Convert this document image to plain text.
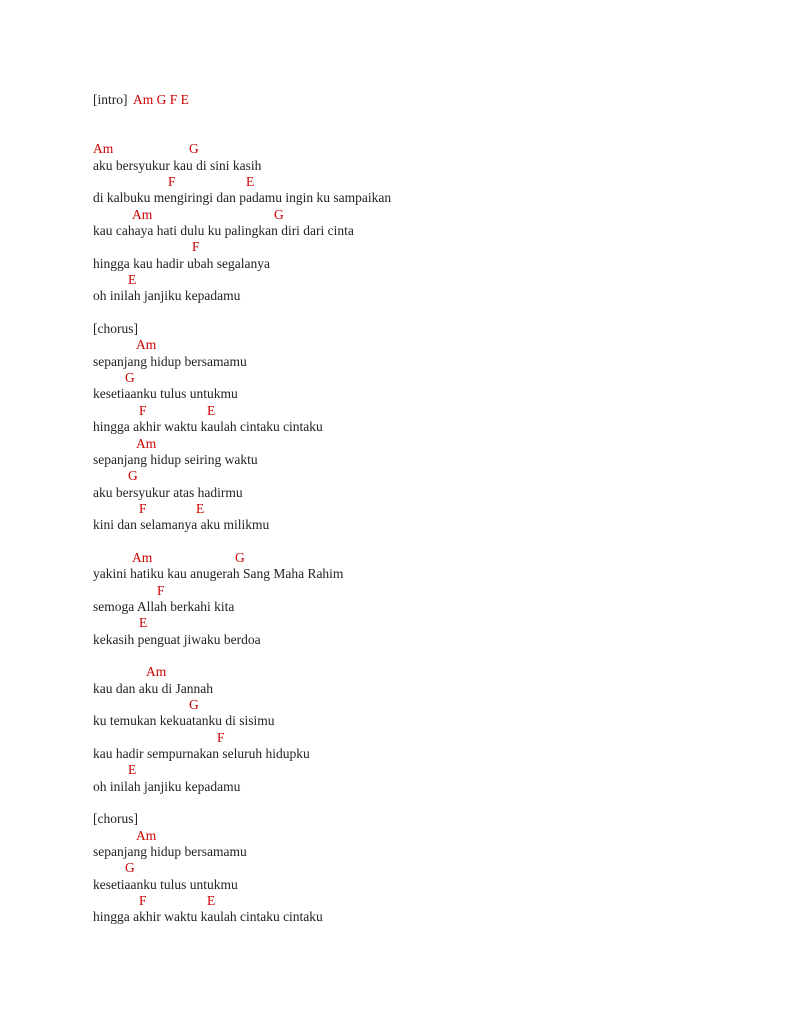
[intro] Am G F E
Am	G
aku bersyukur kau di sini kasih
F	E
di kalbuku mengiringi dan padamu ingin ku sampaikan
Am	G
kau cahaya hati dulu ku palingkan diri dari cinta
F
hingga kau hadir ubah segalanya
E
oh inilah janjiku kepadamu
[chorus]
Am
sepanjang hidup bersamamu
G
kesetiaanku tulus untukmu
F	E
hingga akhir waktu kaulah cintaku cintaku
Am
sepanjang hidup seiring waktu
G
aku bersyukur atas hadirmu
F	E
kini dan selamanya aku milikmu
Am	G
yakini hatiku kau anugerah Sang Maha Rahim
F
semoga Allah berkahi kita
E
kekasih penguat jiwaku berdoa
Am
kau dan aku di Jannah
G
ku temukan kekuatanku di sisimu
F
kau hadir sempurnakan seluruh hidupku
E
oh inilah janjiku kepadamu
[chorus]
Am
sepanjang hidup bersamamu
G
kesetiaanku tulus untukmu
F	E
hingga akhir waktu kaulah cintaku cintaku
